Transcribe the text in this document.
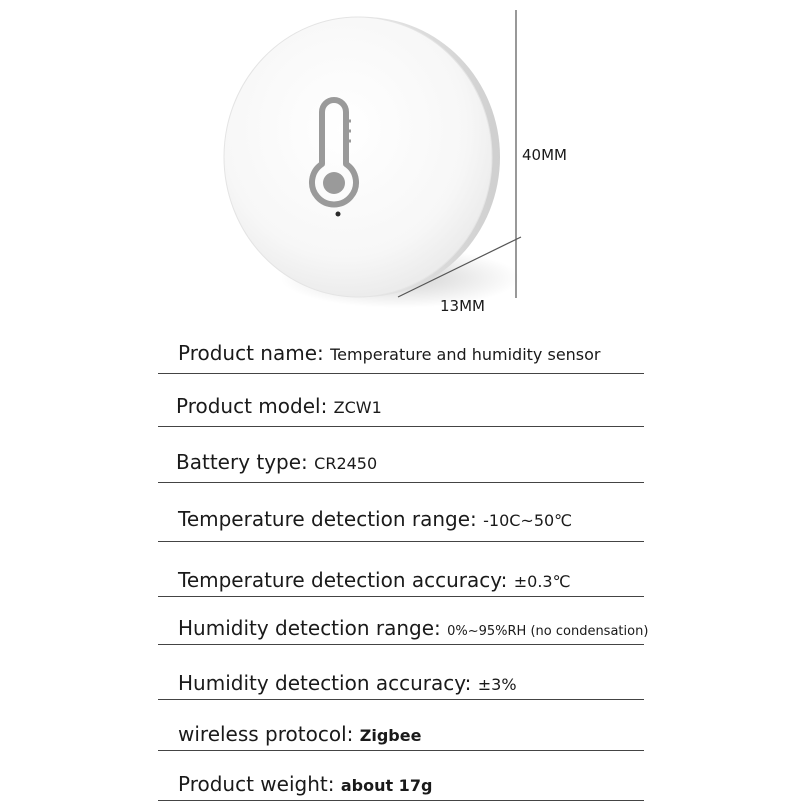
40MM
13MM
Product name: Temperature and humidity sensor
Product model: ZCW1
Battery type: CR2450
Temperature detection range: -10C~50℃
Temperature detection accuracy: ±0.3℃
Humidity detection range: 0%~95%RH (no condensation)
Humidity detection accuracy: ±3%
wireless protocol: Zigbee
Product weight: about 17g
